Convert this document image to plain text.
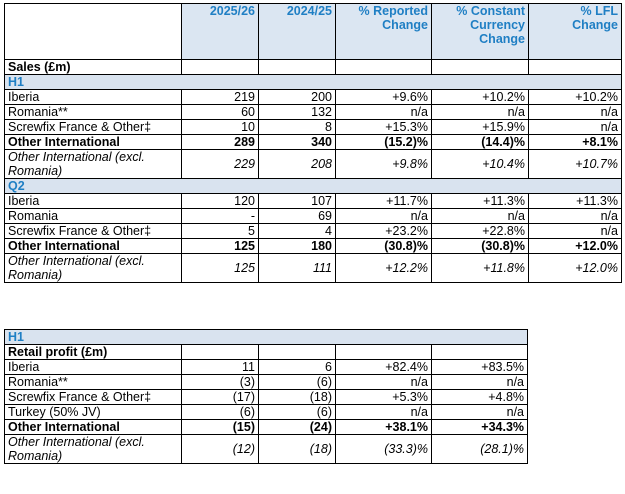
	2025/26	2024/25	% Reported Change	% Constant Currency Change	% LFL Change
Sales (£m)					
H1					
Iberia	219	200	+9.6%	+10.2%	+10.2%
Romania**	60	132	n/a	n/a	n/a
Screwfix France & Other‡	10	8	+15.3%	+15.9%	n/a
Other International	289	340	(15.2)%	(14.4)%	+8.1%
Other International (excl. Romania)	229	208	+9.8%	+10.4%	+10.7%
Q2					
Iberia	120	107	+11.7%	+11.3%	+11.3%
Romania	-	69	n/a	n/a	n/a
Screwfix France & Other‡	5	4	+23.2%	+22.8%	n/a
Other International	125	180	(30.8)%	(30.8)%	+12.0%
Other International (excl. Romania)	125	111	+12.2%	+11.8%	+12.0%
H1				
Retail profit (£m)				
Iberia	11	6	+82.4%	+83.5%
Romania**	(3)	(6)	n/a	n/a
Screwfix France & Other‡	(17)	(18)	+5.3%	+4.8%
Turkey (50% JV)	(6)	(6)	n/a	n/a
Other International	(15)	(24)	+38.1%	+34.3%
Other International (excl. Romania)	(12)	(18)	(33.3)%	(28.1)%
